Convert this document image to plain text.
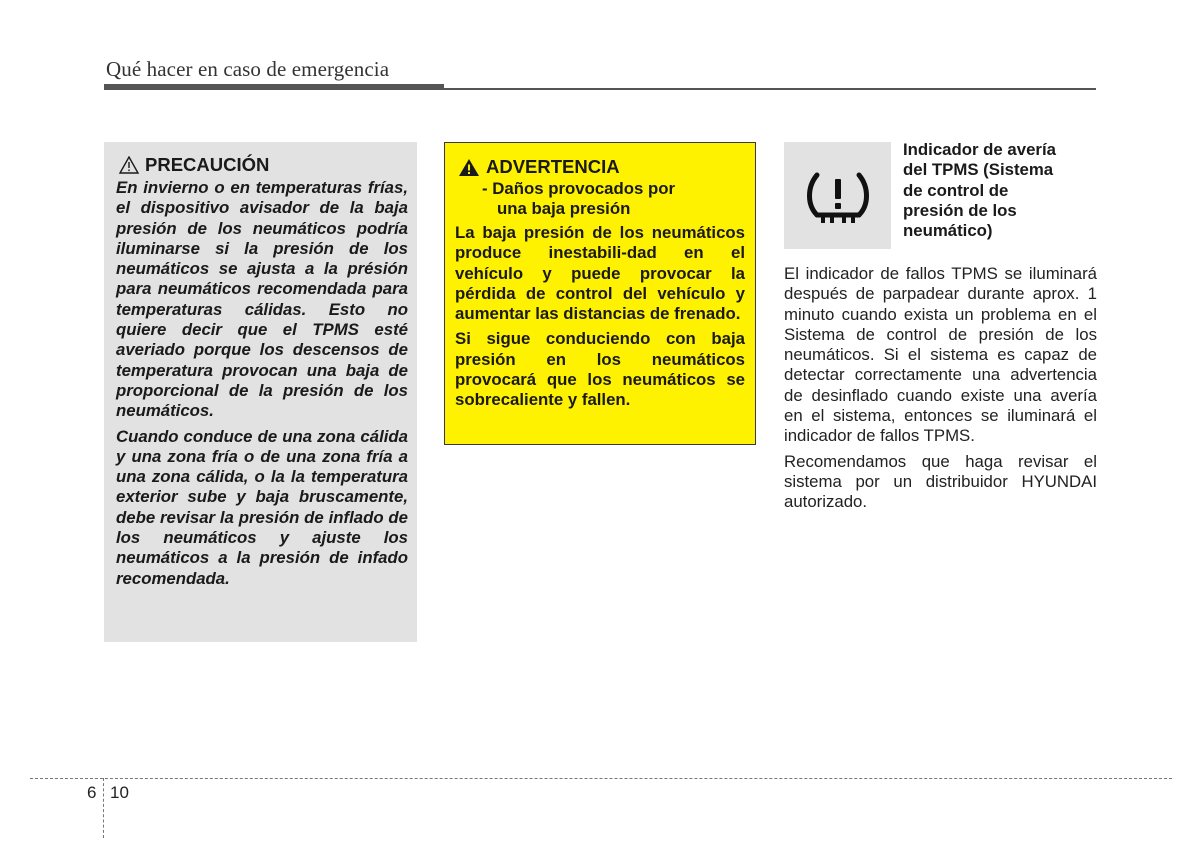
Qué hacer en caso de emergencia
PRECAUCIÓN

En invierno o en temperaturas frías, el dispositivo avisador de la baja presión de los neumáticos podría iluminarse si la presión de los neumáticos se ajusta a la présión para neumáticos recomendada para temperaturas cálidas. Esto no quiere decir que el TPMS esté averiado porque los descensos de temperatura provocan una baja de proporcional de la presión de los neumáticos.

Cuando conduce de una zona cálida y una zona fría o de una zona fría a una zona cálida, o la la temperatura exterior sube y baja bruscamente, debe revisar la presión de inflado de los neumáticos y ajuste los neumáticos a la presión de infado recomendada.

ADVERTENCIA
- Daños provocados por
una baja presión

La baja presión de los neumáticos produce inestabili-dad en el vehículo y puede provocar la pérdida de control del vehículo y aumentar las distancias de frenado.

Si sigue conduciendo con baja presión en los neumáticos provocará que los neumáticos se sobrecaliente y fallen.

Indicador de avería
del TPMS (Sistema
de control de
presión de los
neumático)

El indicador de fallos TPMS se iluminará después de parpadear durante aprox. 1 minuto cuando exista un problema en el Sistema de control de presión de los neumáticos. Si el sistema es capaz de detectar correctamente una advertencia de desinflado cuando existe una avería en el sistema, entonces se iluminará el indicador de fallos TPMS.

Recomendamos que haga revisar el sistema por un distribuidor HYUNDAI autorizado.

6 10
